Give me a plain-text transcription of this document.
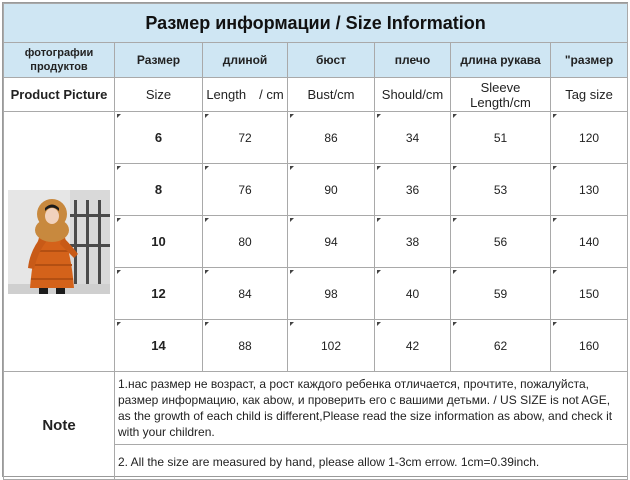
Размер информации / Size Information						
фотографии продуктов	Размер	длиной	бюст	плечо	длина рукава	"размер
Product Picture	Size	Length　/ cm	Bust/cm	Should/cm	Sleeve Length/cm	Tag size

	6	72	86	34	51	120
	8	76	90	36	53	130
	10	80	94	38	56	140
	12	84	98	40	59	150
	14	88	102	42	62	160
Note	1.нас размер не возраст, а рост каждого ребенка отличается, прочтите, пожалуйста, размер информацию, как abow, и проверить его с вашими детьми. / US SIZE is not AGE, as the growth of each child is different,Please read the size information as abow, and check it with your children.					
	2. All the size are measured by hand, please allow 1-3cm errow. 1cm=0.39inch.					
